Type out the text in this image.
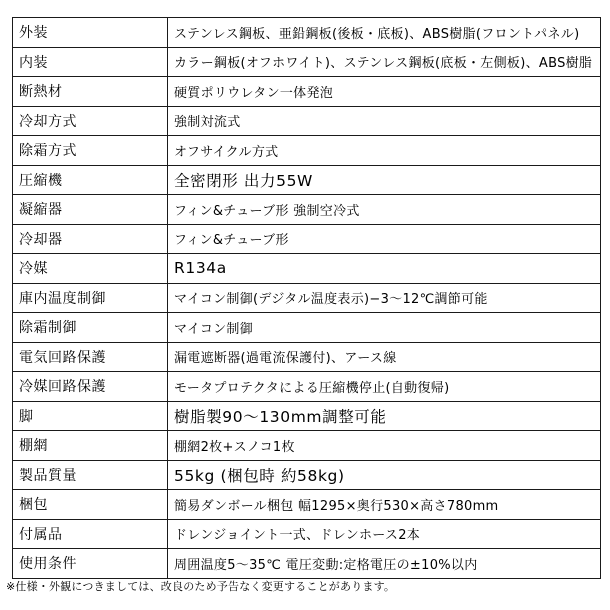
外装	ステンレス鋼板、亜鉛鋼板(後板・底板)、ABS樹脂(フロントパネル)
内装	カラー鋼板(オフホワイト)、ステンレス鋼板(底板・左側板)、ABS樹脂
断熱材	硬質ポリウレタン一体発泡
冷却方式	強制対流式
除霜方式	オフサイクル方式
圧縮機	全密閉形 出力55W
凝縮器	フィン&チューブ形 強制空冷式
冷却器	フィン&チューブ形
冷媒	R134a
庫内温度制御	マイコン制御(デジタル温度表示)−3〜12℃調節可能
除霜制御	マイコン制御
電気回路保護	漏電遮断器(過電流保護付)、アース線
冷媒回路保護	モータプロテクタによる圧縮機停止(自動復帰)
脚	樹脂製90〜130mm調整可能
棚網	棚網2枚+スノコ1枚
製品質量	55kg (梱包時 約58kg)
梱包	簡易ダンボール梱包 幅1295×奥行530×高さ780mm
付属品	ドレンジョイント一式、ドレンホース2本
使用条件	周囲温度5〜35℃ 電圧変動:定格電圧の±10%以内
※仕様・外観につきましては、改良のため予告なく変更することがあります。
